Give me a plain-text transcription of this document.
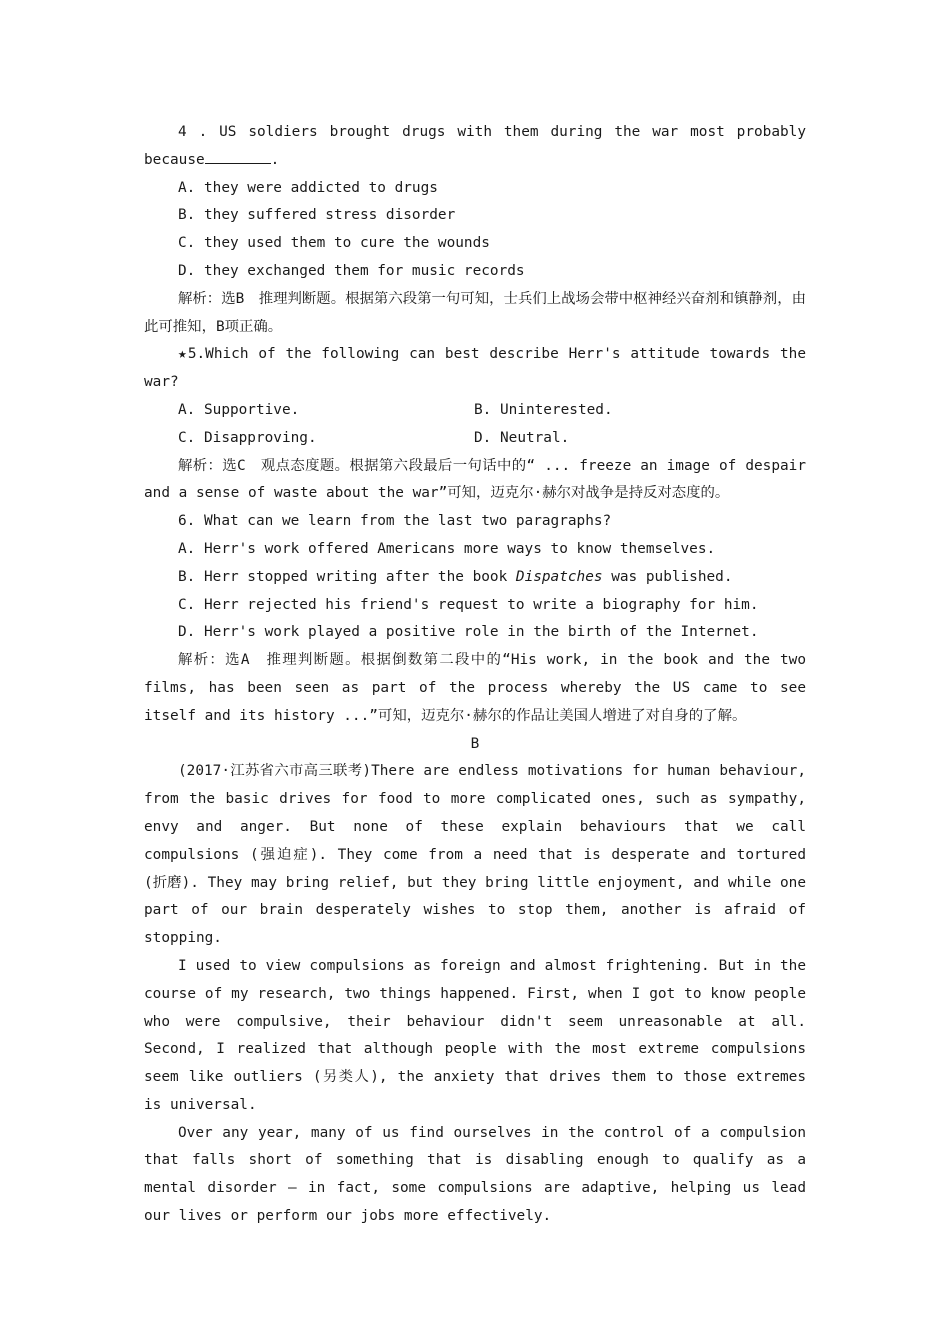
4 . US soldiers brought drugs with them during the war most probably because	.

A. they were addicted to drugs

B. they suffered stress disorder

C. they used them to cure the wounds

D. they exchanged them for music records

解析：选B　推理判断题。根据第六段第一句可知，士兵们上战场会带中枢神经兴奋剂和镇静剂，由此可推知，B项正确。

★5.Which of the following can best describe Herr's attitude towards the war?

A. Supportive.	B. Uninterested.
C. Disapproving.	D. Neutral.

解析：选C　观点态度题。根据第六段最后一句话中的“ ... freeze an image of despair and a sense of waste about the war”可知，迈克尔·赫尔对战争是持反对态度的。

6. What can we learn from the last two paragraphs?

A. Herr's work offered Americans more ways to know themselves.

B. Herr stopped writing after the book Dispatches was published.

C. Herr rejected his friend's request to write a biography for him.

D. Herr's work played a positive role in the birth of the Internet.

解析：选A　推理判断题。根据倒数第二段中的“His work, in the book and the two films, has been seen as part of the process whereby the US came to see itself and its history ...”可知，迈克尔·赫尔的作品让美国人增进了对自身的了解。

B

(2017·江苏省六市高三联考)There are endless motivations for human behaviour, from the basic drives for food to more complicated ones, such as sympathy, envy and anger. But none of these explain behaviours that we call compulsions (强迫症). They come from a need that is desperate and tortured (折磨). They may bring relief, but they bring little enjoyment, and while one part of our brain desperately wishes to stop them, another is afraid of stopping.

I used to view compulsions as foreign and almost frightening. But in the course of my research, two things happened. First, when I got to know people who were compulsive, their behaviour didn't seem unreasonable at all. Second, I realized that although people with the most extreme compulsions seem like outliers (另类人), the anxiety that drives them to those extremes is universal.

Over any year, many of us find ourselves in the control of a compulsion that falls short of something that is disabling enough to qualify as a mental disorder — in fact, some compulsions are adaptive, helping us lead our lives or perform our jobs more effectively.
